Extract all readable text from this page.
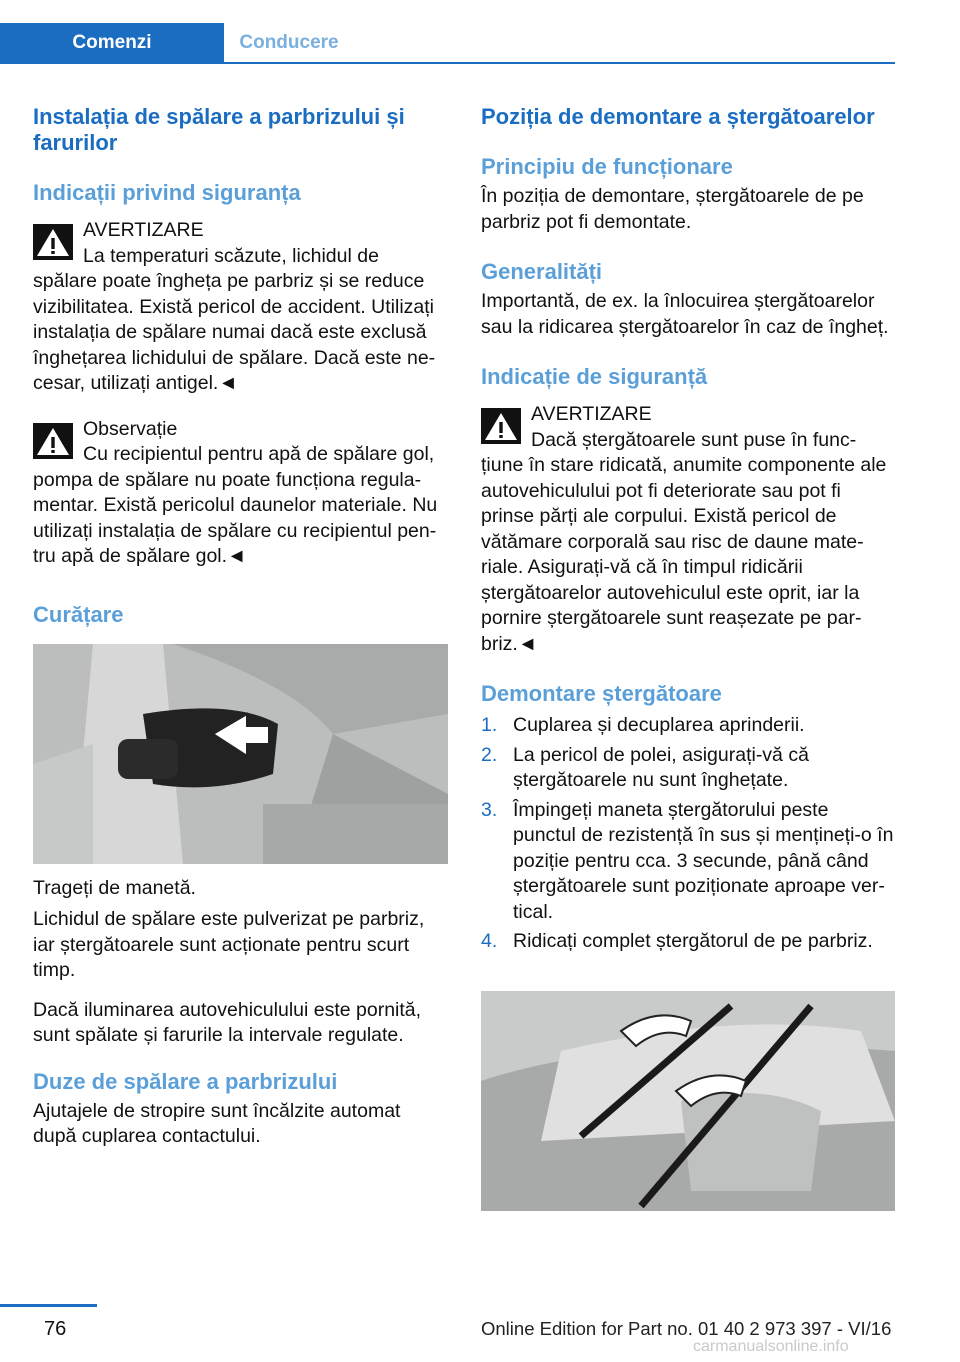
Comenzi	Conducere
Instalația de spălare a parbrizului și farurilor
Indicații privind siguranța

AVERTIZARE

La temperaturi scăzute, lichidul de spălare poate îngheța pe parbriz și se reduce vizibilitatea. Există pericol de accident. Utilizați instalația de spălare numai dacă este exclusă înghețarea lichidului de spălare. Dacă este ne-cesar, utilizați antigel.◄

Observație

Cu recipientul pentru apă de spălare gol, pompa de spălare nu poate funcționa regula-mentar. Există pericolul daunelor materiale. Nu utilizați instalația de spălare cu recipientul pen-tru apă de spălare gol.◄

Curățare

Trageți de manetă.

Lichidul de spălare este pulverizat pe parbriz, iar ștergătoarele sunt acționate pentru scurt timp.

Dacă iluminarea autovehiculului este pornită, sunt spălate și farurile la intervale regulate.

Duze de spălare a parbrizului

Ajutajele de stropire sunt încălzite automat după cuplarea contactului.

Poziția de demontare a ștergătoarelor
Principiu de funcționare

În poziția de demontare, ștergătoarele de pe parbriz pot fi demontate.

Generalități

Importantă, de ex. la înlocuirea ștergătoarelor sau la ridicarea ștergătoarelor în caz de îngheț.

Indicație de siguranță

AVERTIZARE

Dacă ștergătoarele sunt puse în func-țiune în stare ridicată, anumite componente ale autovehiculului pot fi deteriorate sau pot fi prinse părți ale corpului. Există pericol de vătămare corporală sau risc de daune mate-riale. Asigurați-vă că în timpul ridicării ștergătoarelor autovehiculul este oprit, iar la pornire ștergătoarele sunt reașezate pe par-briz.◄

Demontare ștergătoare
1. Cuplarea și decuplarea aprinderii.
2. La pericol de polei, asigurați-vă că ștergătoarele nu sunt înghețate.
3. Împingeți maneta ștergătorului peste punctul de rezistență în sus și mențineți-o în poziție pentru cca. 3 secunde, până când ștergătoarele sunt poziționate aproape ver-tical.
4. Ridicați complet ștergătorul de pe parbriz.
76	Online Edition for Part no. 01 40 2 973 397 - VI/16
carmanualsonline.info
